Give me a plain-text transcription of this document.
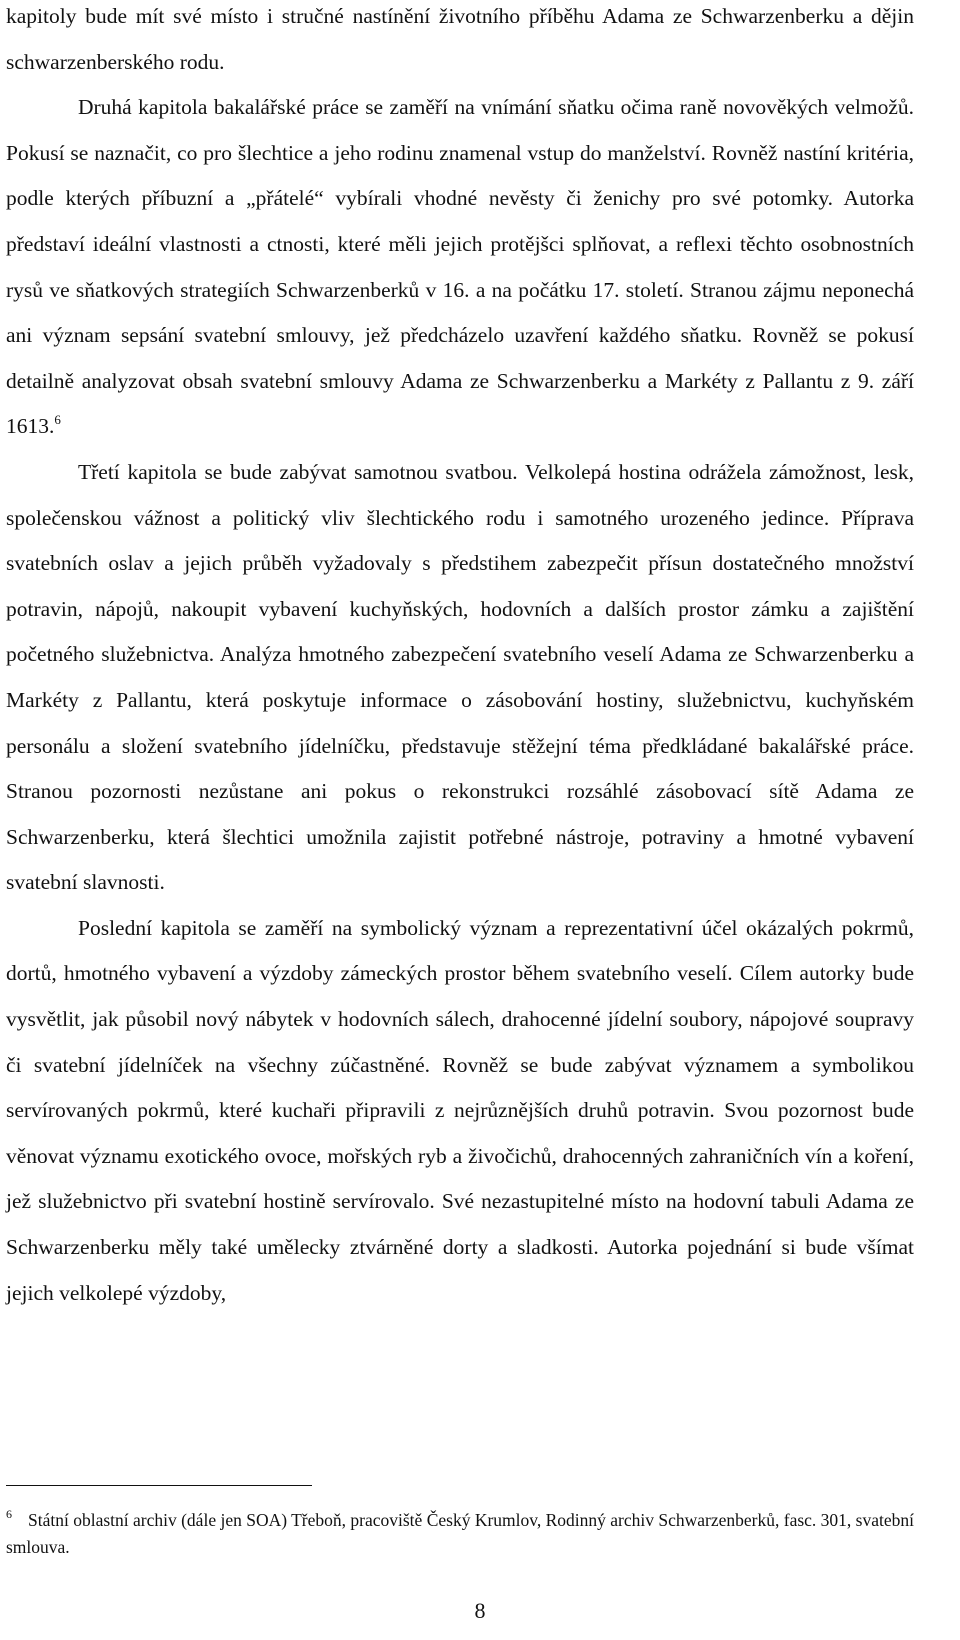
kapitoly bude mít své místo i stručné nastínění životního příběhu Adama ze Schwarzenberku a dějin schwarzenberského rodu.

Druhá kapitola bakalářské práce se zaměří na vnímání sňatku očima raně novověkých velmožů. Pokusí se naznačit, co pro šlechtice a jeho rodinu znamenal vstup do manželství. Rovněž nastíní kritéria, podle kterých příbuzní a „přátelé“ vybírali vhodné nevěsty či ženichy pro své potomky. Autorka představí ideální vlastnosti a ctnosti, které měli jejich protějšci splňovat, a reflexi těchto osobnostních rysů ve sňatkových strategiích Schwarzenberků v 16. a na počátku 17. století. Stranou zájmu neponechá ani význam sepsání svatební smlouvy, jež předcházelo uzavření každého sňatku. Rovněž se pokusí detailně analyzovat obsah svatební smlouvy Adama ze Schwarzenberku a Markéty z Pallantu z 9. září 1613.$^6$

Třetí kapitola se bude zabývat samotnou svatbou. Velkolepá hostina odrážela zámožnost, lesk, společenskou vážnost a politický vliv šlechtického rodu i samotného urozeného jedince. Příprava svatebních oslav a jejich průběh vyžadovaly s předstihem zabezpečit přísun dostatečného množství potravin, nápojů, nakoupit vybavení kuchyňských, hodovních a dalších prostor zámku a zajištění početného služebnictva. Analýza hmotného zabezpečení svatebního veselí Adama ze Schwarzenberku a Markéty z Pallantu, která poskytuje informace o zásobování hostiny, služebnictvu, kuchyňském personálu a složení svatebního jídelníčku, představuje stěžejní téma předkládané bakalářské práce. Stranou pozornosti nezůstane ani pokus o rekonstrukci rozsáhlé zásobovací sítě Adama ze Schwarzenberku, která šlechtici umožnila zajistit potřebné nástroje, potraviny a hmotné vybavení svatební slavnosti.

Poslední kapitola se zaměří na symbolický význam a reprezentativní účel okázalých pokrmů, dortů, hmotného vybavení a výzdoby zámeckých prostor během svatebního veselí. Cílem autorky bude vysvětlit, jak působil nový nábytek v hodovních sálech, drahocenné jídelní soubory, nápojové soupravy či svatební jídelníček na všechny zúčastněné. Rovněž se bude zabývat významem a symbolikou servírovaných pokrmů, které kuchaři připravili z nejrůznějších druhů potravin. Svou pozornost bude věnovat významu exotického ovoce, mořských ryb a živočichů, drahocenných zahraničních vín a koření, jež služebnictvo při svatební hostině servírovalo. Své nezastupitelné místo na hodovní tabuli Adama ze Schwarzenberku měly také umělecky ztvárněné dorty a sladkosti. Autorka pojednání si bude všímat jejich velkolepé výzdoby,

$^6$ Státní oblastní archiv (dále jen SOA) Třeboň, pracoviště Český Krumlov, Rodinný archiv Schwarzenberků, fasc. 301, svatební smlouva.
8
